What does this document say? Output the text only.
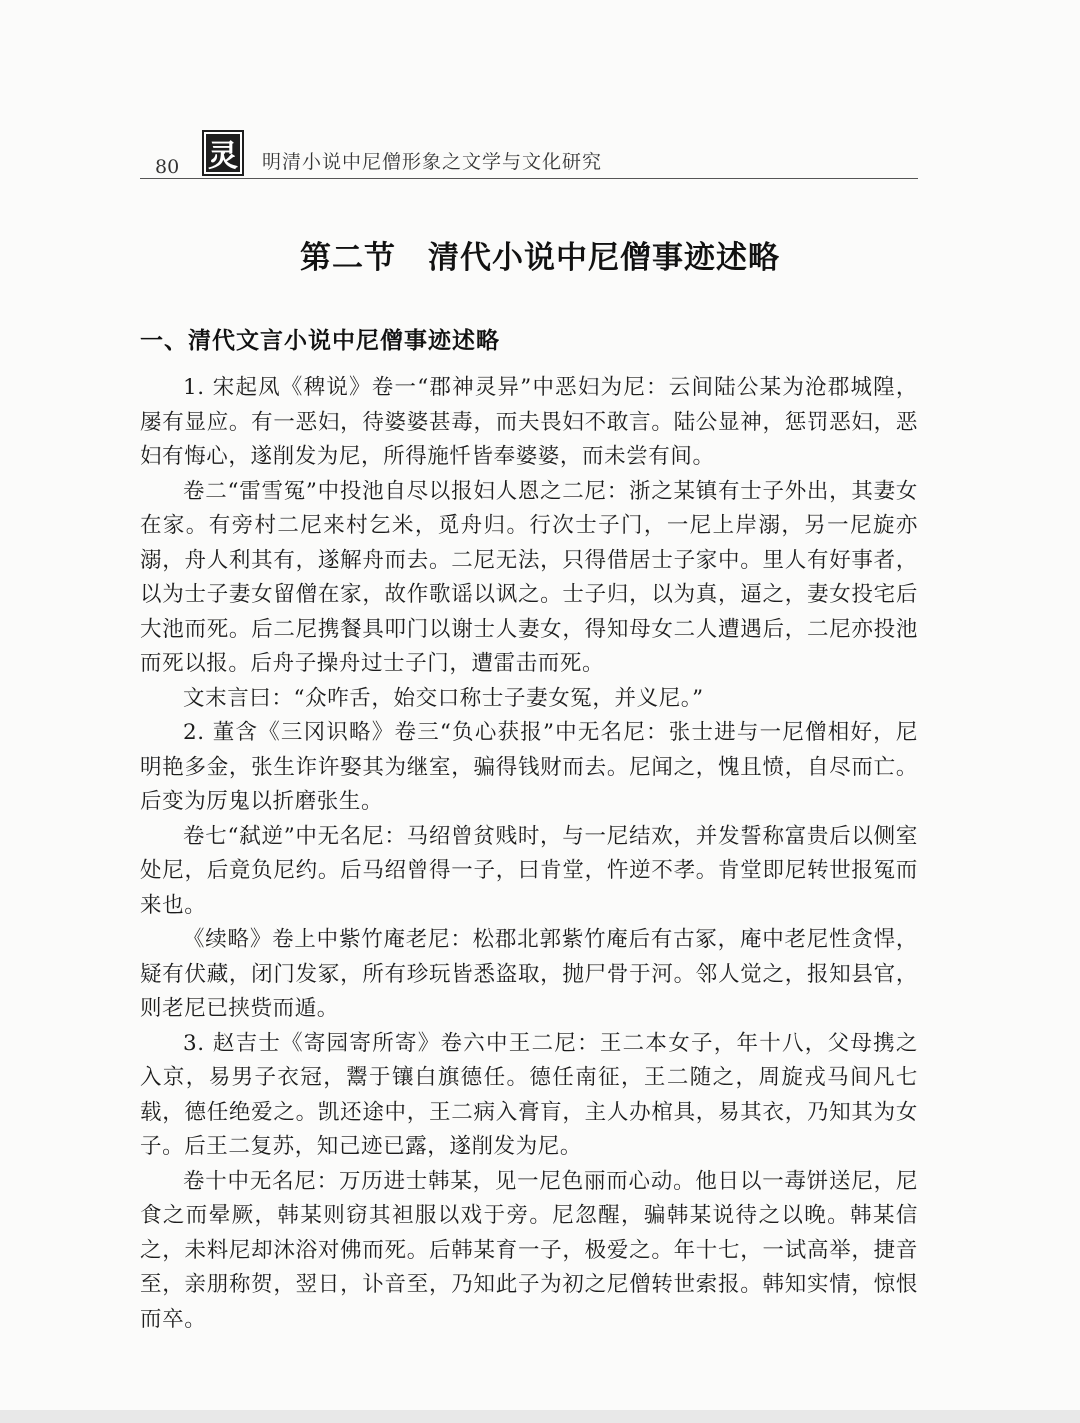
80 灵	明清小说中尼僧形象之文学与文化研究
第二节　清代小说中尼僧事迹述略
一、清代文言小说中尼僧事迹述略

1. 宋起凤《稗说》卷一“郡神灵异”中恶妇为尼：云间陆公某为沧郡城隍，屡有显应。有一恶妇，待婆婆甚毒，而夫畏妇不敢言。陆公显神，惩罚恶妇，恶妇有悔心，遂削发为尼，所得施忏皆奉婆婆，而未尝有间。

卷二“雷雪冤”中投池自尽以报妇人恩之二尼：浙之某镇有士子外出，其妻女在家。有旁村二尼来村乞米，觅舟归。行次士子门，一尼上岸溺，另一尼旋亦溺，舟人利其有，遂解舟而去。二尼无法，只得借居士子家中。里人有好事者，以为士子妻女留僧在家，故作歌谣以讽之。士子归，以为真，逼之，妻女投宅后大池而死。后二尼携餐具叩门以谢士人妻女，得知母女二人遭遇后，二尼亦投池而死以报。后舟子操舟过士子门，遭雷击而死。

文末言曰：“众咋舌，始交口称士子妻女冤，并义尼。”

2. 董含《三冈识略》卷三“负心获报”中无名尼：张士进与一尼僧相好，尼明艳多金，张生诈许娶其为继室，骗得钱财而去。尼闻之，愧且愤，自尽而亡。后变为厉鬼以折磨张生。

卷七“弑逆”中无名尼：马绍曾贫贱时，与一尼结欢，并发誓称富贵后以侧室处尼，后竟负尼约。后马绍曾得一子，曰肯堂，忤逆不孝。肯堂即尼转世报冤而来也。

《续略》卷上中紫竹庵老尼：松郡北郭紫竹庵后有古冢，庵中老尼性贪悍，疑有伏藏，闭门发冢，所有珍玩皆悉盗取，抛尸骨于河。邻人觉之，报知县官，则老尼已挟赀而遁。

3. 赵吉士《寄园寄所寄》卷六中王二尼：王二本女子，年十八，父母携之入京，易男子衣冠，鬻于镶白旗德任。德任南征，王二随之，周旋戎马间凡七载，德任绝爱之。凯还途中，王二病入膏肓，主人办棺具，易其衣，乃知其为女子。后王二复苏，知己迹已露，遂削发为尼。

卷十中无名尼：万历进士韩某，见一尼色丽而心动。他日以一毒饼送尼，尼食之而晕厥，韩某则窃其袒服以戏于旁。尼忽醒，骗韩某说待之以晚。韩某信之，未料尼却沐浴对佛而死。后韩某育一子，极爱之。年十七，一试高举，捷音至，亲朋称贺，翌日，讣音至，乃知此子为初之尼僧转世索报。韩知实情，惊恨而卒。
